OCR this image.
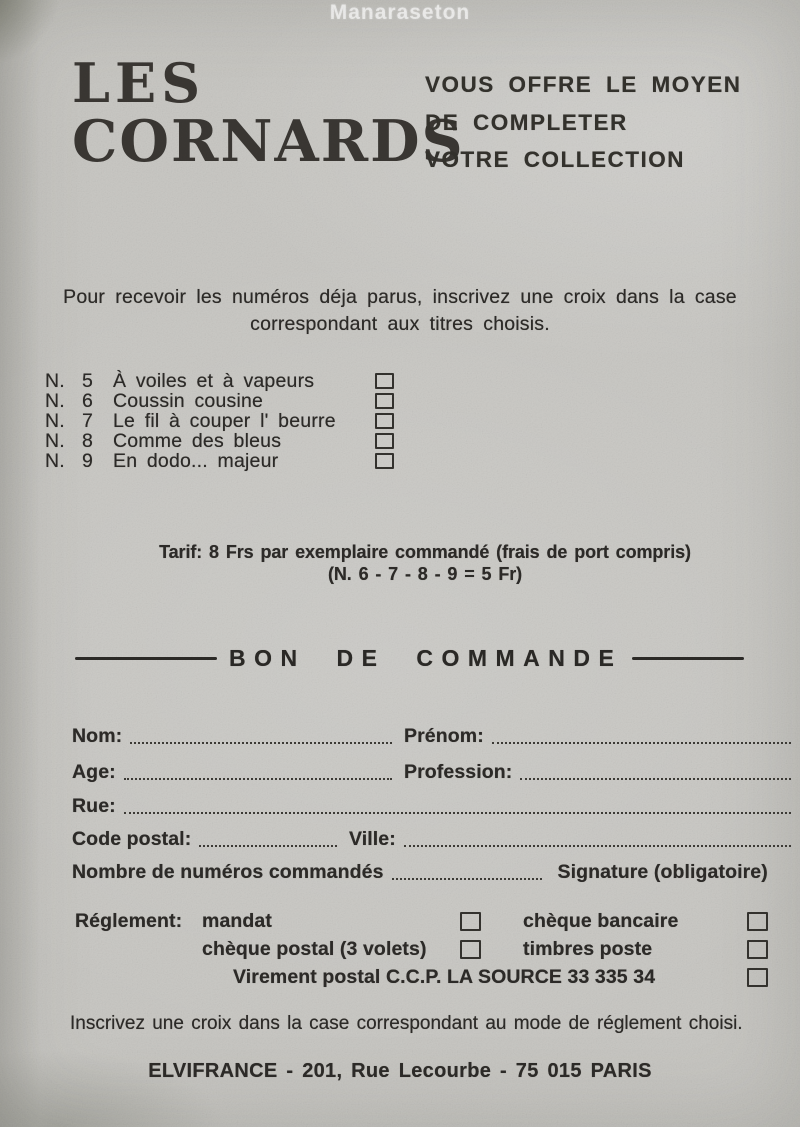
Manaraseton
LES
CORNARDS
VOUS OFFRE LE MOYEN
DE COMPLETER
VOTRE COLLECTION
Pour recevoir les numéros déja parus, inscrivez une croix dans la case
correspondant aux titres choisis.
N. 5	À voiles et à vapeurs
N. 6	Coussin cousine
N. 7	Le fil à couper l' beurre
N. 8	Comme des bleus
N. 9	En dodo... majeur
Tarif: 8 Frs par exemplaire commandé (frais de port compris)
(N. 6 - 7 - 8 - 9 = 5 Fr)
BON DE COMMANDE
Nom:	Prénom:
Age:	Profession:
Rue:
Code postal:	Ville:
Nombre de numéros commandés	Signature (obligatoire)
Réglement:	mandat	chèque bancaire
chèque postal (3 volets)	timbres poste
Virement postal C.C.P. LA SOURCE 33 335 34
Inscrivez une croix dans la case correspondant au mode de réglement choisi.
ELVIFRANCE - 201, Rue Lecourbe - 75 015 PARIS
